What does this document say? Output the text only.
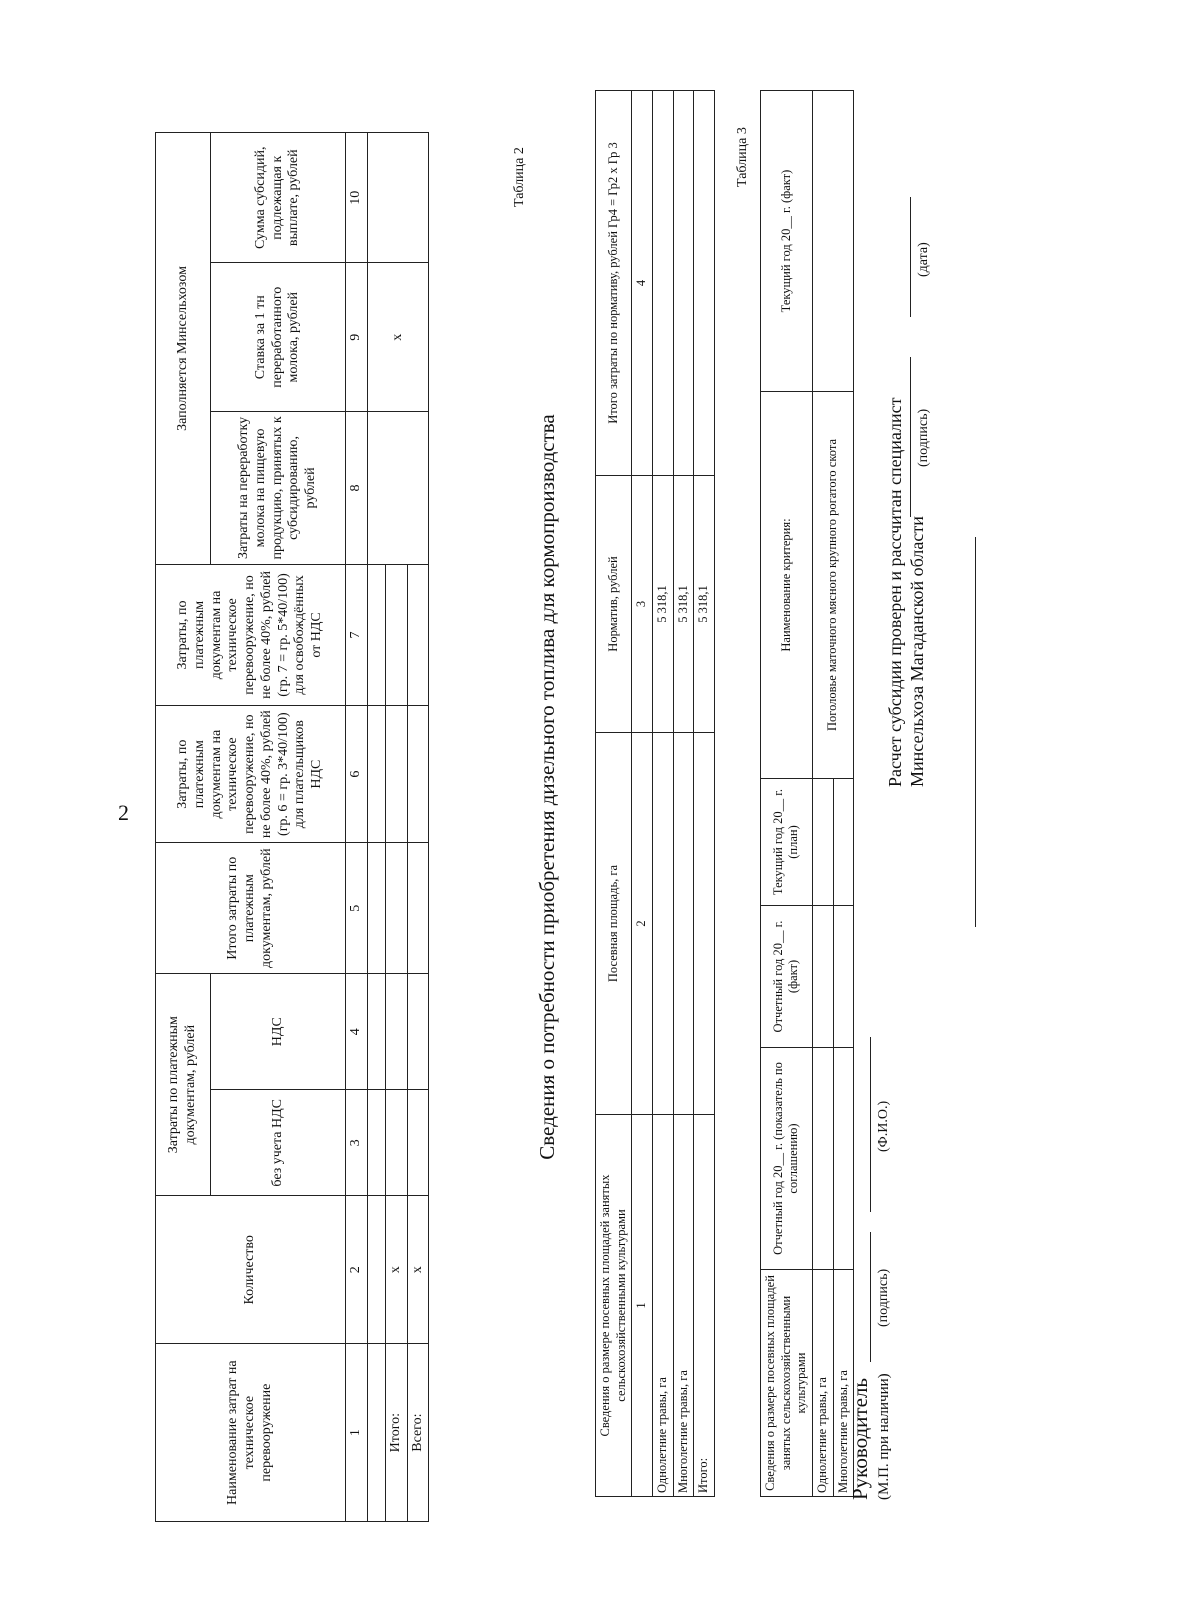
2
Наименование затрат на техническое перевооружение	Количество	Затраты по платежным документам, рублей		Итого затраты по платежным документам, рублей	Затраты, по платежным документам на техническое перевооружение, но не более 40%, рублей (гр. 6 = гр. 3*40/100) для плательщиков НДС	Затраты, по платежным документам на техническое перевооружение, но не более 40%, рублей (гр. 7 = гр. 5*40/100) для освобождённых от НДС	Заполняется Минсельхозом		
		без учета НДС	НДС				Затраты на переработку молока на пищевую продукцию, принятых к субсидированию, рублей	Ставка за 1 тн переработанного молока, рублей	Сумма субсидий, подлежащая к выплате, рублей
1	2	3	4	5	6	7	8	9	10
								x	
Итого:	x								
Всего:	x								
Таблица 2
Сведения о потребности приобретения дизельного топлива для кормопроизводства
Сведения о размере посевных площадей занятых сельскохозяйственными культурами	Посевная площадь, га	Норматив, рублей	Итого затраты по нормативу, рублей Гр4 = Гр2 x Гр 3
1	2	3	4
Однолетние травы, га		5 318,1	
Многолетние травы, га		5 318,1	
Итого:		5 318,1	
Таблица 3
Сведения о размере посевных площадей занятых сельскохозяйственными культурами	Отчетный год 20__ г. (показатель по соглашению)	Отчетный год 20__ г. (факт)	Текущий год 20__ г. (план)	Наименование критерия:	Текущий год 20__ г. (факт)
Однолетние травы, га				Поголовье маточного мясного крупного рогатого скота	
Многолетние травы, га					
Руководитель (М.П. при наличии)
(подпись)
(Ф.И.О.)
Расчет субсидии проверен и рассчитан специалист Минсельхоза Магаданской области
(подпись)
(дата)
